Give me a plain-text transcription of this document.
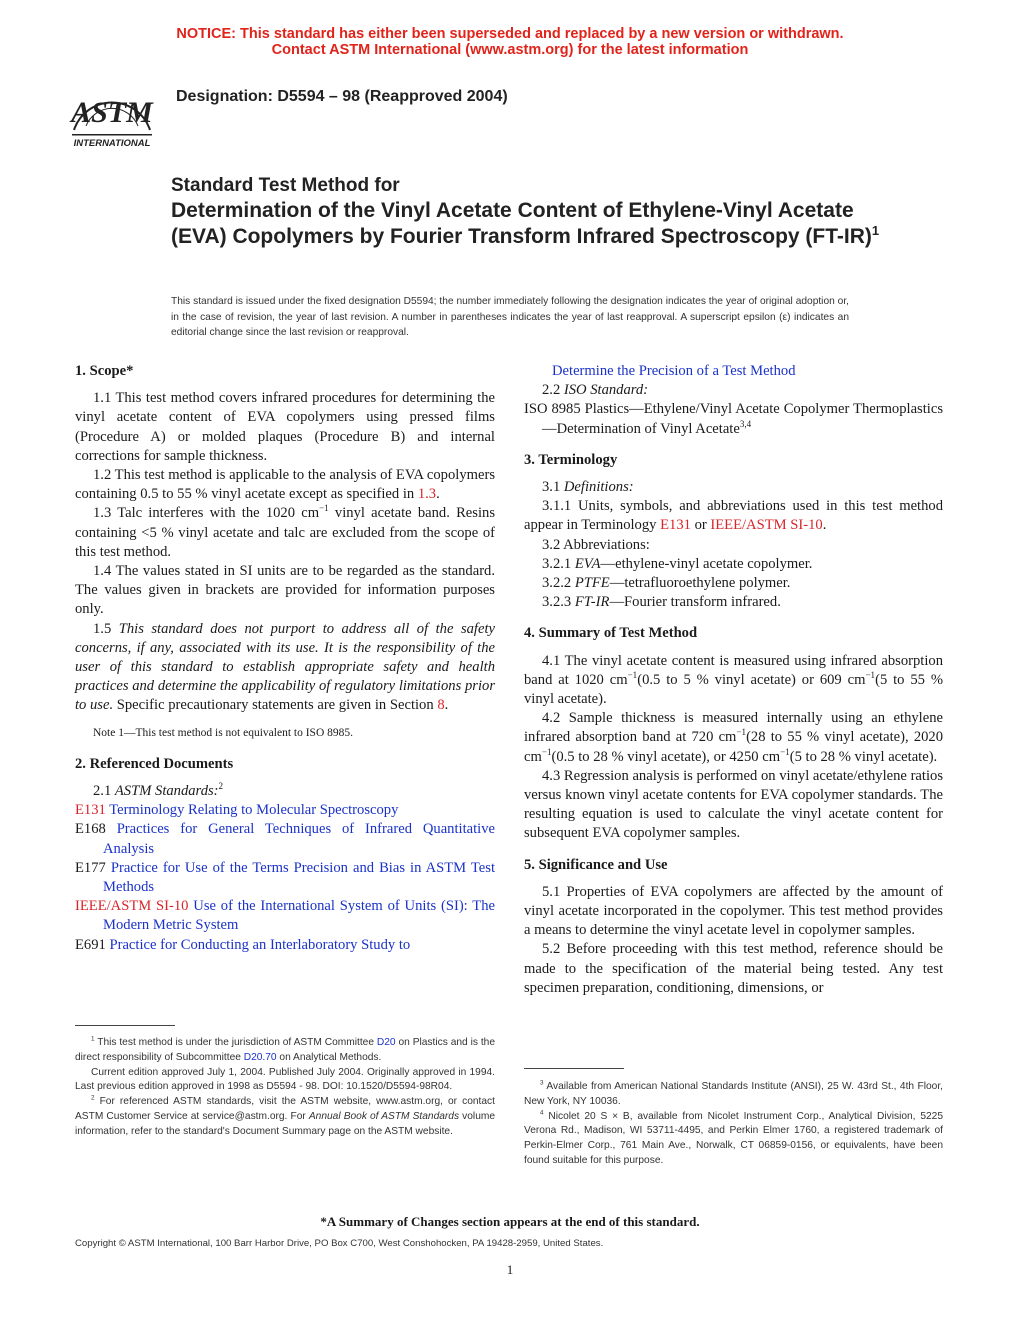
NOTICE: This standard has either been superseded and replaced by a new version or withdrawn.
Contact ASTM International (www.astm.org) for the latest information
ASTM
INTERNATIONAL
Designation: D5594 – 98 (Reapproved 2004)
Standard Test Method for
Determination of the Vinyl Acetate Content of Ethylene-Vinyl Acetate (EVA) Copolymers by Fourier Transform Infrared Spectroscopy $(FT-IR)^1$
This standard is issued under the fixed designation D5594; the number immediately following the designation indicates the year of original adoption or, in the case of revision, the year of last revision. A number in parentheses indicates the year of last reapproval. A superscript epsilon (ε) indicates an editorial change since the last revision or reapproval.
1. Scope*

1.1 This test method covers infrared procedures for determining the vinyl acetate content of EVA copolymers using pressed films (Procedure A) or molded plaques (Procedure B) and internal corrections for sample thickness.

1.2 This test method is applicable to the analysis of EVA copolymers containing 0.5 to 55 % vinyl acetate except as specified in 1.3.

1.3 Talc interferes with the 1020 $cm^{-1}$ vinyl acetate band. Resins containing <5 % vinyl acetate and talc are excluded from the scope of this test method.

1.4 The values stated in SI units are to be regarded as the standard. The values given in brackets are provided for information purposes only.

1.5 This standard does not purport to address all of the safety concerns, if any, associated with its use. It is the responsibility of the user of this standard to establish appropriate safety and health practices and determine the applicability of regulatory limitations prior to use. Specific precautionary statements are given in Section 8.

Note 1—This test method is not equivalent to ISO 8985.

2. Referenced Documents

2.1 ASTM Standards:$^2$

E131 Terminology Relating to Molecular Spectroscopy

E168 Practices for General Techniques of Infrared Quantitative Analysis

E177 Practice for Use of the Terms Precision and Bias in ASTM Test Methods

IEEE/ASTM SI-10 Use of the International System of Units (SI): The Modern Metric System

E691 Practice for Conducting an Interlaboratory Study to

$^1$ This test method is under the jurisdiction of ASTM Committee D20 on Plastics and is the direct responsibility of Subcommittee D20.70 on Analytical Methods.

Current edition approved July 1, 2004. Published July 2004. Originally approved in 1994. Last previous edition approved in 1998 as D5594 - 98. DOI: 10.1520/D5594-98R04.

$^2$ For referenced ASTM standards, visit the ASTM website, www.astm.org, or contact ASTM Customer Service at service@astm.org. For Annual Book of ASTM Standards volume information, refer to the standard's Document Summary page on the ASTM website.

Determine the Precision of a Test Method

2.2 ISO Standard:

ISO 8985 Plastics—Ethylene/Vinyl Acetate Copolymer Thermoplastics—Determination of Vinyl Acetate$^{3,4}$

3. Terminology

3.1 Definitions:

3.1.1 Units, symbols, and abbreviations used in this test method appear in Terminology E131 or IEEE/ASTM SI-10.

3.2 Abbreviations:

3.2.1 EVA—ethylene-vinyl acetate copolymer.

3.2.2 PTFE—tetrafluoroethylene polymer.

3.2.3 FT-IR—Fourier transform infrared.

4. Summary of Test Method

4.1 The vinyl acetate content is measured using infrared absorption band at 1020 $cm^{-1}(0.5$ to 5 % vinyl acetate) or 609 $cm^{-1}(5$ to 55 % vinyl acetate).

4.2 Sample thickness is measured internally using an ethylene infrared absorption band at 720 $cm^{-1}(28$ to 55 % vinyl acetate), 2020 $cm^{-1}(0.5$ to 28 % vinyl acetate), or 4250 $cm^{-1}(5$ to 28 % vinyl acetate).

4.3 Regression analysis is performed on vinyl acetate/ethylene ratios versus known vinyl acetate contents for EVA copolymer standards. The resulting equation is used to calculate the vinyl acetate content for subsequent EVA copolymer samples.

5. Significance and Use

5.1 Properties of EVA copolymers are affected by the amount of vinyl acetate incorporated in the copolymer. This test method provides a means to determine the vinyl acetate level in copolymer samples.

5.2 Before proceeding with this test method, reference should be made to the specification of the material being tested. Any test specimen preparation, conditioning, dimensions, or

$^3$ Available from American National Standards Institute (ANSI), 25 W. 43rd St., 4th Floor, New York, NY 10036.

$^4$ Nicolet 20 S × B, available from Nicolet Instrument Corp., Analytical Division, 5225 Verona Rd., Madison, WI 53711-4495, and Perkin Elmer 1760, a registered trademark of Perkin-Elmer Corp., 761 Main Ave., Norwalk, CT 06859-0156, or equivalents, have been found suitable for this purpose.

*A Summary of Changes section appears at the end of this standard.
Copyright © ASTM International, 100 Barr Harbor Drive, PO Box C700, West Conshohocken, PA 19428-2959, United States.
1
